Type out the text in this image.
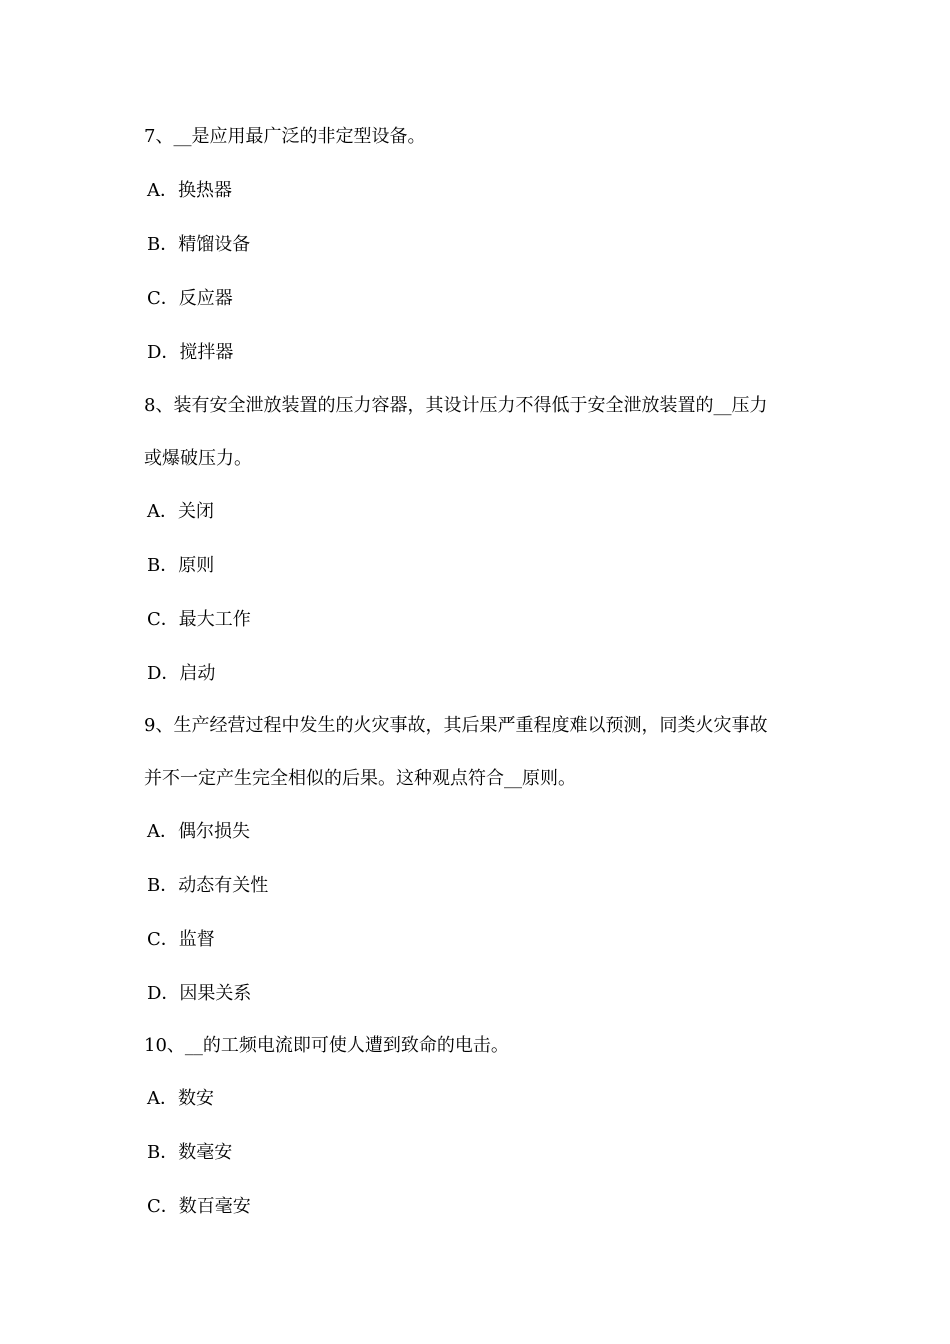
7、__是应用最广泛的非定型设备。
A．换热器
B．精馏设备
C．反应器
D．搅拌器
8、装有安全泄放装置的压力容器，其设计压力不得低于安全泄放装置的__压力
或爆破压力。
A．关闭
B．原则
C．最大工作
D．启动
9、生产经营过程中发生的火灾事故，其后果严重程度难以预测，同类火灾事故
并不一定产生完全相似的后果。这种观点符合__原则。
A．偶尔损失
B．动态有关性
C．监督
D．因果关系
10、__的工频电流即可使人遭到致命的电击。
A．数安
B．数毫安
C．数百毫安
